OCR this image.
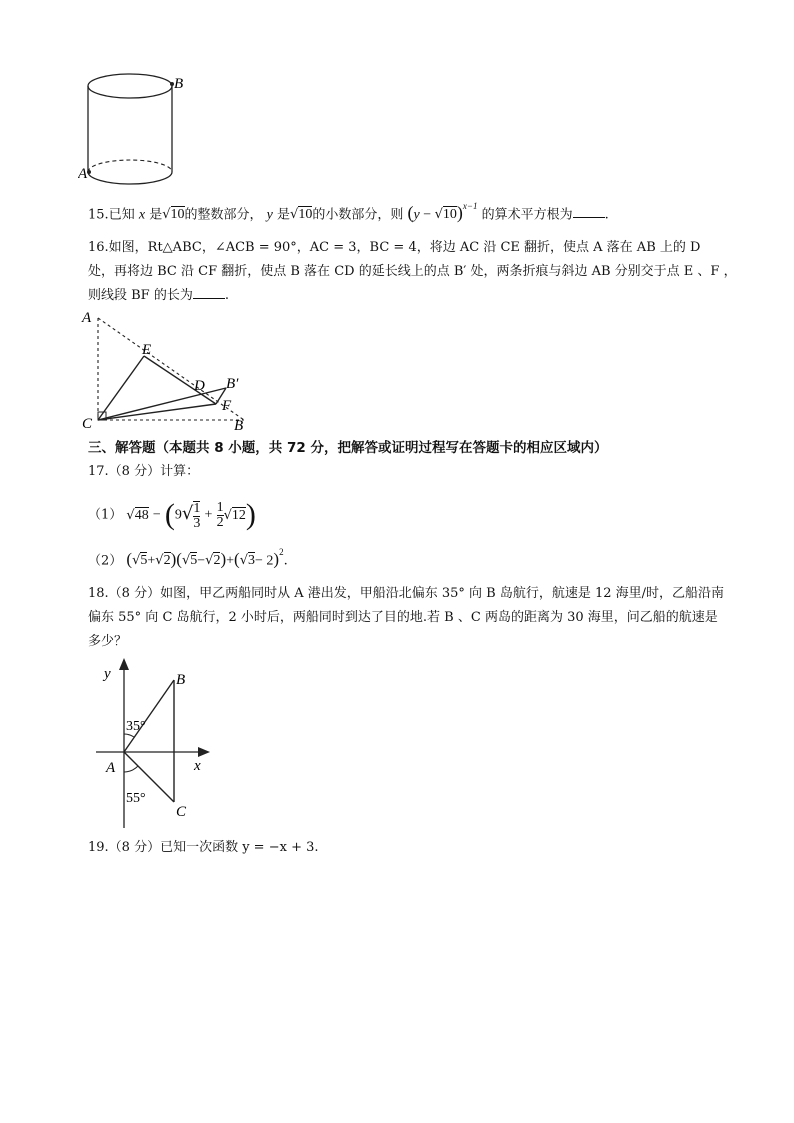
B
A
15.已知 x 是√10的整数部分， y 是√10的小数部分，则 $(y - √10)^{x-1}$ 的算术平方根为 .
16.如图，Rt△ABC，∠ACB = 90°，AC = 3，BC = 4，将边 AC 沿 CE 翻折，使点 A 落在 AB 上的 D
处，再将边 BC 沿 CF 翻折，使点 B 落在 CD 的延长线上的点 B′ 处，两条折痕与斜边 AB 分别交于点 E 、F ，
则线段 BF 的长为 .
A
E
D B′
F
C	B
三、解答题（本题共 8 小题，共 72 分，把解答或证明过程写在答题卡的相应区域内）
17.（8 分）计算：
（1） $√48 - (9√ \frac{1}{3} + \frac{1}{2} √12)$
（2） $(√5+√2)(√5-√2)+(√3- 2)^2$.
18.（8 分）如图，甲乙两船同时从 A 港出发，甲船沿北偏东 35° 向 B 岛航行，航速是 12 海里/时，乙船沿南
偏东 55° 向 C 岛航行，2 小时后，两船同时到达了目的地.若 B 、C 两岛的距离为 30 海里，问乙船的航速是
多少？
y
x
A
B
C
35°
55°
19.（8 分）已知一次函数 y = −x + 3.
